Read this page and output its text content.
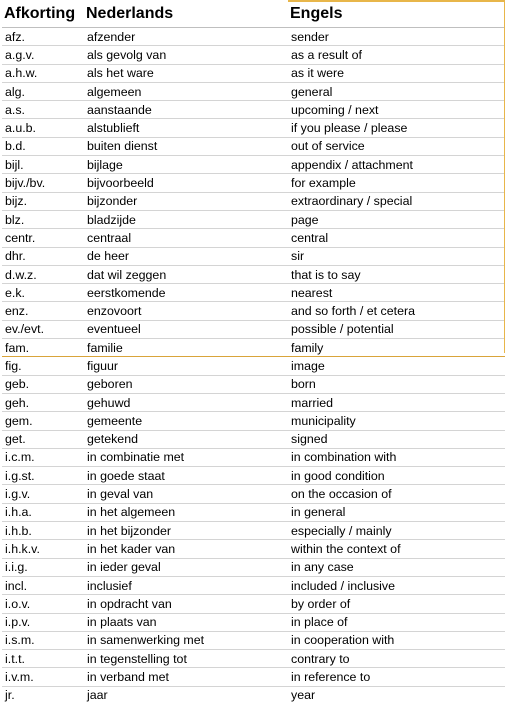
Afkorting	Nederlands	Engels
afz.	afzender	sender
a.g.v.	als gevolg van	as a result of
a.h.w.	als het ware	as it were
alg.	algemeen	general
a.s.	aanstaande	upcoming / next
a.u.b.	alstublieft	if you please / please
b.d.	buiten dienst	out of service
bijl.	bijlage	appendix / attachment
bijv./bv.	bijvoorbeeld	for example
bijz.	bijzonder	extraordinary / special
blz.	bladzijde	page
centr.	centraal	central
dhr.	de heer	sir
d.w.z.	dat wil zeggen	that is to say
e.k.	eerstkomende	nearest
enz.	enzovoort	and so forth / et cetera
ev./evt.	eventueel	possible / potential
fam.	familie	family
fig.	figuur	image
geb.	geboren	born
geh.	gehuwd	married
gem.	gemeente	municipality
get.	getekend	signed
i.c.m.	in combinatie met	in combination with
i.g.st.	in goede staat	in good condition
i.g.v.	in geval van	on the occasion of
i.h.a.	in het algemeen	in general
i.h.b.	in het bijzonder	especially / mainly
i.h.k.v.	in het kader van	within the context of
i.i.g.	in ieder geval	in any case
incl.	inclusief	included / inclusive
i.o.v.	in opdracht van	by order of
i.p.v.	in plaats van	in place of
i.s.m.	in samenwerking met	in cooperation with
i.t.t.	in tegenstelling tot	contrary to
i.v.m.	in verband met	in reference to
jr.	jaar	year
